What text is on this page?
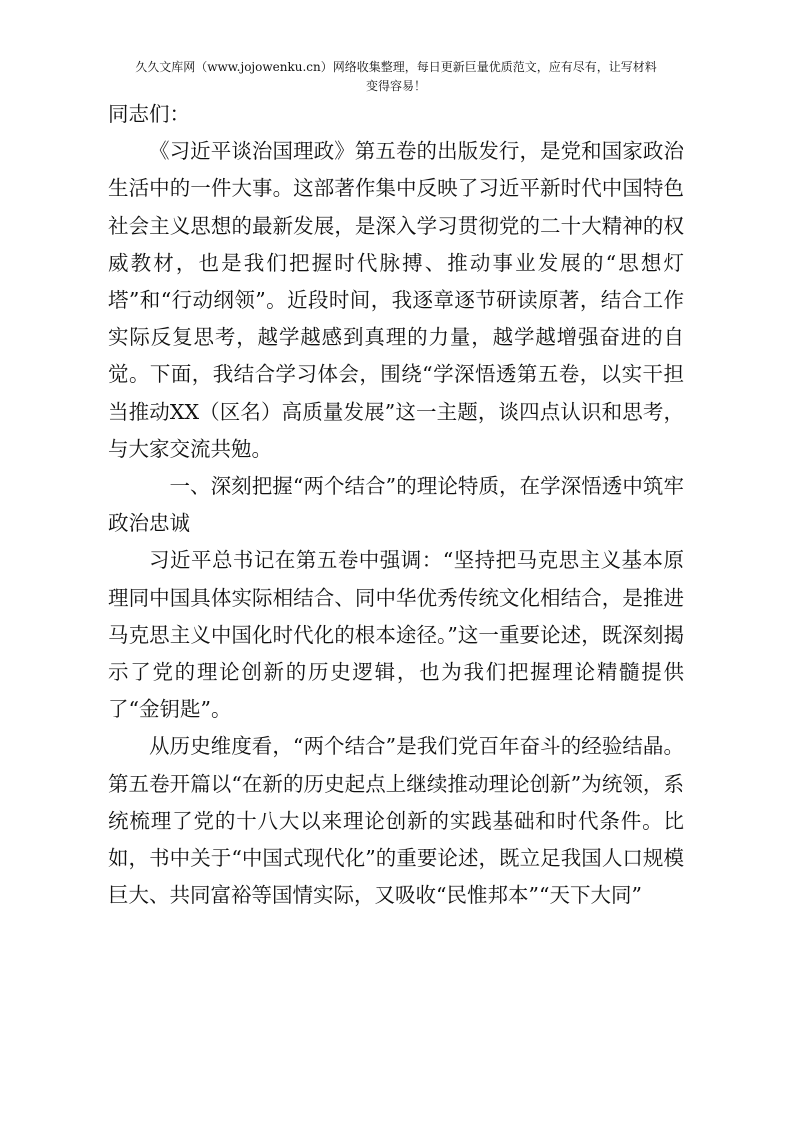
久久文库网（www.jojowenku.cn）网络收集整理，每日更新巨量优质范文，应有尽有，让写材料
变得容易！

同志们：

《习近平谈治国理政》第五卷的出版发行，是党和国家政治生活中的一件大事。这部著作集中反映了习近平新时代中国特色社会主义思想的最新发展，是深入学习贯彻党的二十大精神的权威教材，也是我们把握时代脉搏、推动事业发展的“思想灯塔”和“行动纲领”。近段时间，我逐章逐节研读原著，结合工作实际反复思考，越学越感到真理的力量，越学越增强奋进的自觉。下面，我结合学习体会，围绕“学深悟透第五卷，以实干担当推动XX（区名）高质量发展”这一主题，谈四点认识和思考，与大家交流共勉。

一、深刻把握“两个结合”的理论特质，在学深悟透中筑牢政治忠诚

习近平总书记在第五卷中强调：“坚持把马克思主义基本原理同中国具体实际相结合、同中华优秀传统文化相结合，是推进马克思主义中国化时代化的根本途径。”这一重要论述，既深刻揭示了党的理论创新的历史逻辑，也为我们把握理论精髓提供了“金钥匙”。

从历史维度看，“两个结合”是我们党百年奋斗的经验结晶。第五卷开篇以“在新的历史起点上继续推动理论创新”为统领，系统梳理了党的十八大以来理论创新的实践基础和时代条件。比如，书中关于“中国式现代化”的重要论述，既立足我国人口规模巨大、共同富裕等国情实际，又吸收“民惟邦本”“天下大同”
